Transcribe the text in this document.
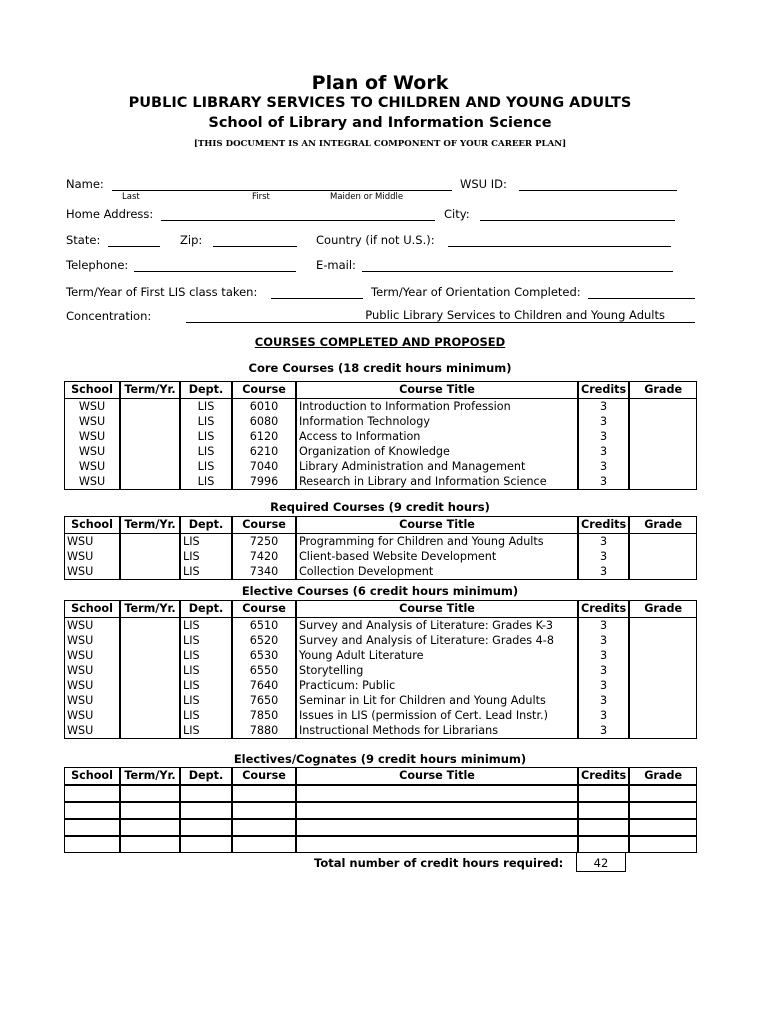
Plan of Work
PUBLIC LIBRARY SERVICES TO CHILDREN AND YOUNG ADULTS
School of Library and Information Science
[THIS DOCUMENT IS AN INTEGRAL COMPONENT OF YOUR CAREER PLAN]
Name:
Last	First	Maiden or Middle
WSU ID:
Home Address:	City:
State:	Zip:	Country (if not U.S.):
Telephone:	E-mail:
Term/Year of First LIS class taken:	Term/Year of Orientation Completed:
Concentration:	Public Library Services to Children and Young Adults
COURSES COMPLETED AND PROPOSED
Core Courses (18 credit hours minimum)
School	Term/Yr.	Dept.	Course	Course Title	Credits	Grade
WSU		LIS	6010	Introduction to Information Profession	3	
WSU		LIS	6080	Information Technology	3	
WSU		LIS	6120	Access to Information	3	
WSU		LIS	6210	Organization of Knowledge	3	
WSU		LIS	7040	Library Administration and Management	3	
WSU		LIS	7996	Research in Library and Information Science	3	
Required Courses (9 credit hours)
School	Term/Yr.	Dept.	Course	Course Title	Credits	Grade
WSU		LIS	7250	Programming for Children and Young Adults	3	
WSU		LIS	7420	Client-based Website Development	3	
WSU		LIS	7340	Collection Development	3	
Elective Courses (6 credit hours minimum)
School	Term/Yr.	Dept.	Course	Course Title	Credits	Grade
WSU		LIS	6510	Survey and Analysis of Literature: Grades K-3	3	
WSU		LIS	6520	Survey and Analysis of Literature: Grades 4-8	3	
WSU		LIS	6530	Young Adult Literature	3	
WSU		LIS	6550	Storytelling	3	
WSU		LIS	7640	Practicum: Public	3	
WSU		LIS	7650	Seminar in Lit for Children and Young Adults	3	
WSU		LIS	7850	Issues in LIS (permission of Cert. Lead Instr.)	3	
WSU		LIS	7880	Instructional Methods for Librarians	3	
Electives/Cognates (9 credit hours minimum)
School	Term/Yr.	Dept.	Course	Course Title	Credits	Grade

Total number of credit hours required:	42
